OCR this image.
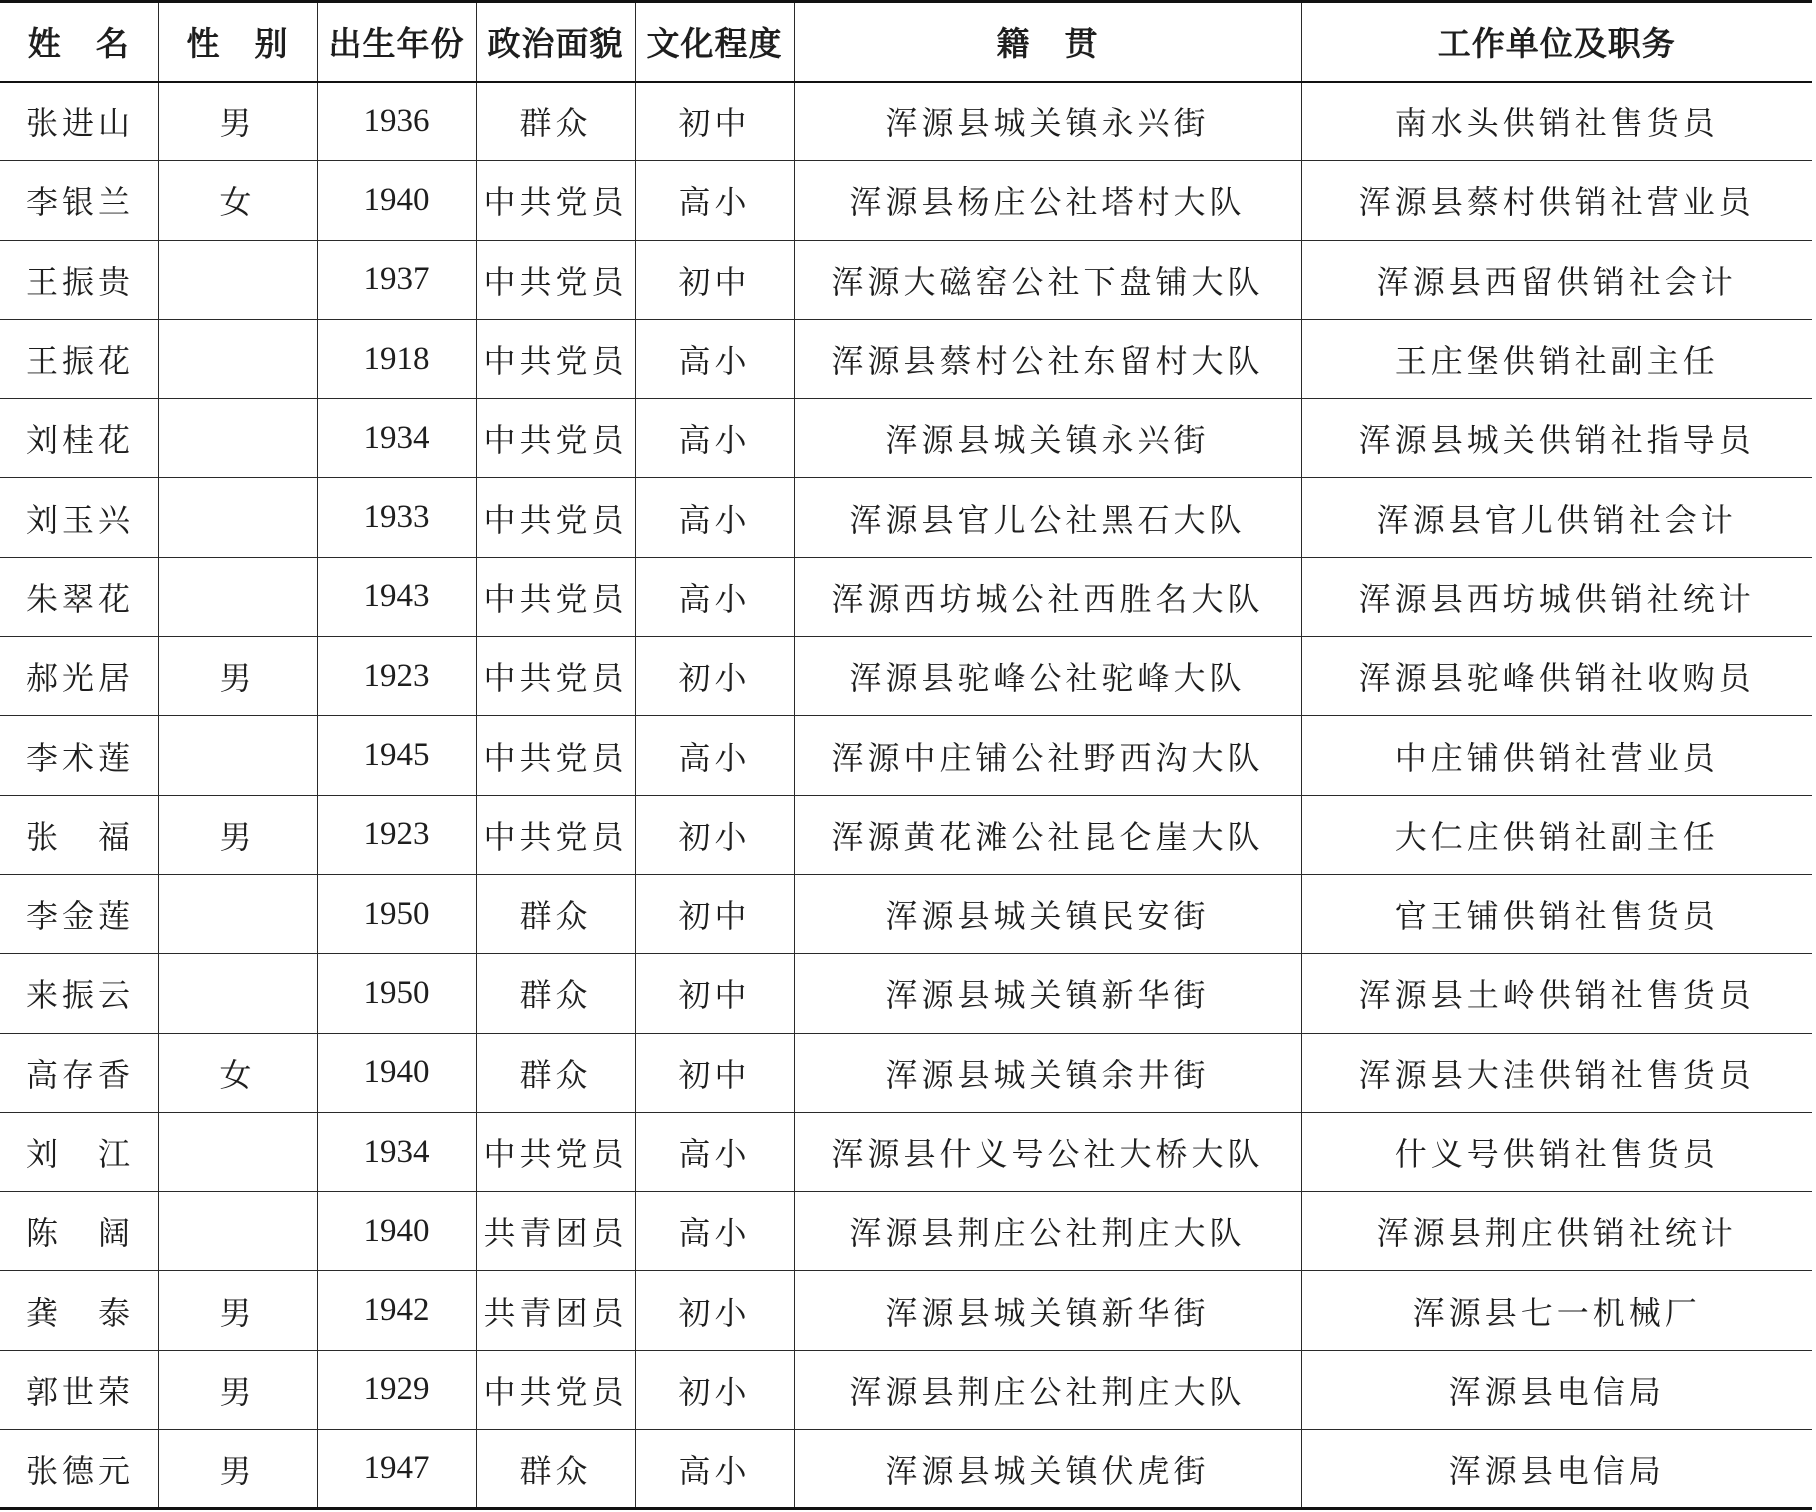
姓　名	性　别	出生年份	政治面貌	文化程度	籍　贯	工作单位及职务
张进山	男	1936	群众	初中	浑源县城关镇永兴街	南水头供销社售货员
李银兰	女	1940	中共党员	高小	浑源县杨庄公社塔村大队	浑源县蔡村供销社营业员
王振贵		1937	中共党员	初中	浑源大磁窑公社下盘铺大队	浑源县西留供销社会计
王振花		1918	中共党员	高小	浑源县蔡村公社东留村大队	王庄堡供销社副主任
刘桂花		1934	中共党员	高小	浑源县城关镇永兴街	浑源县城关供销社指导员
刘玉兴		1933	中共党员	高小	浑源县官儿公社黑石大队	浑源县官儿供销社会计
朱翠花		1943	中共党员	高小	浑源西坊城公社西胜名大队	浑源县西坊城供销社统计
郝光居	男	1923	中共党员	初小	浑源县驼峰公社驼峰大队	浑源县驼峰供销社收购员
李术莲		1945	中共党员	高小	浑源中庄铺公社野西沟大队	中庄铺供销社营业员
张　福	男	1923	中共党员	初小	浑源黄花滩公社昆仑崖大队	大仁庄供销社副主任
李金莲		1950	群众	初中	浑源县城关镇民安街	官王铺供销社售货员
来振云		1950	群众	初中	浑源县城关镇新华街	浑源县土岭供销社售货员
高存香	女	1940	群众	初中	浑源县城关镇余井街	浑源县大洼供销社售货员
刘　江		1934	中共党员	高小	浑源县什义号公社大桥大队	什义号供销社售货员
陈　阔		1940	共青团员	高小	浑源县荆庄公社荆庄大队	浑源县荆庄供销社统计
龚　泰	男	1942	共青团员	初小	浑源县城关镇新华街	浑源县七一机械厂
郭世荣	男	1929	中共党员	初小	浑源县荆庄公社荆庄大队	浑源县电信局
张德元	男	1947	群众	高小	浑源县城关镇伏虎街	浑源县电信局
